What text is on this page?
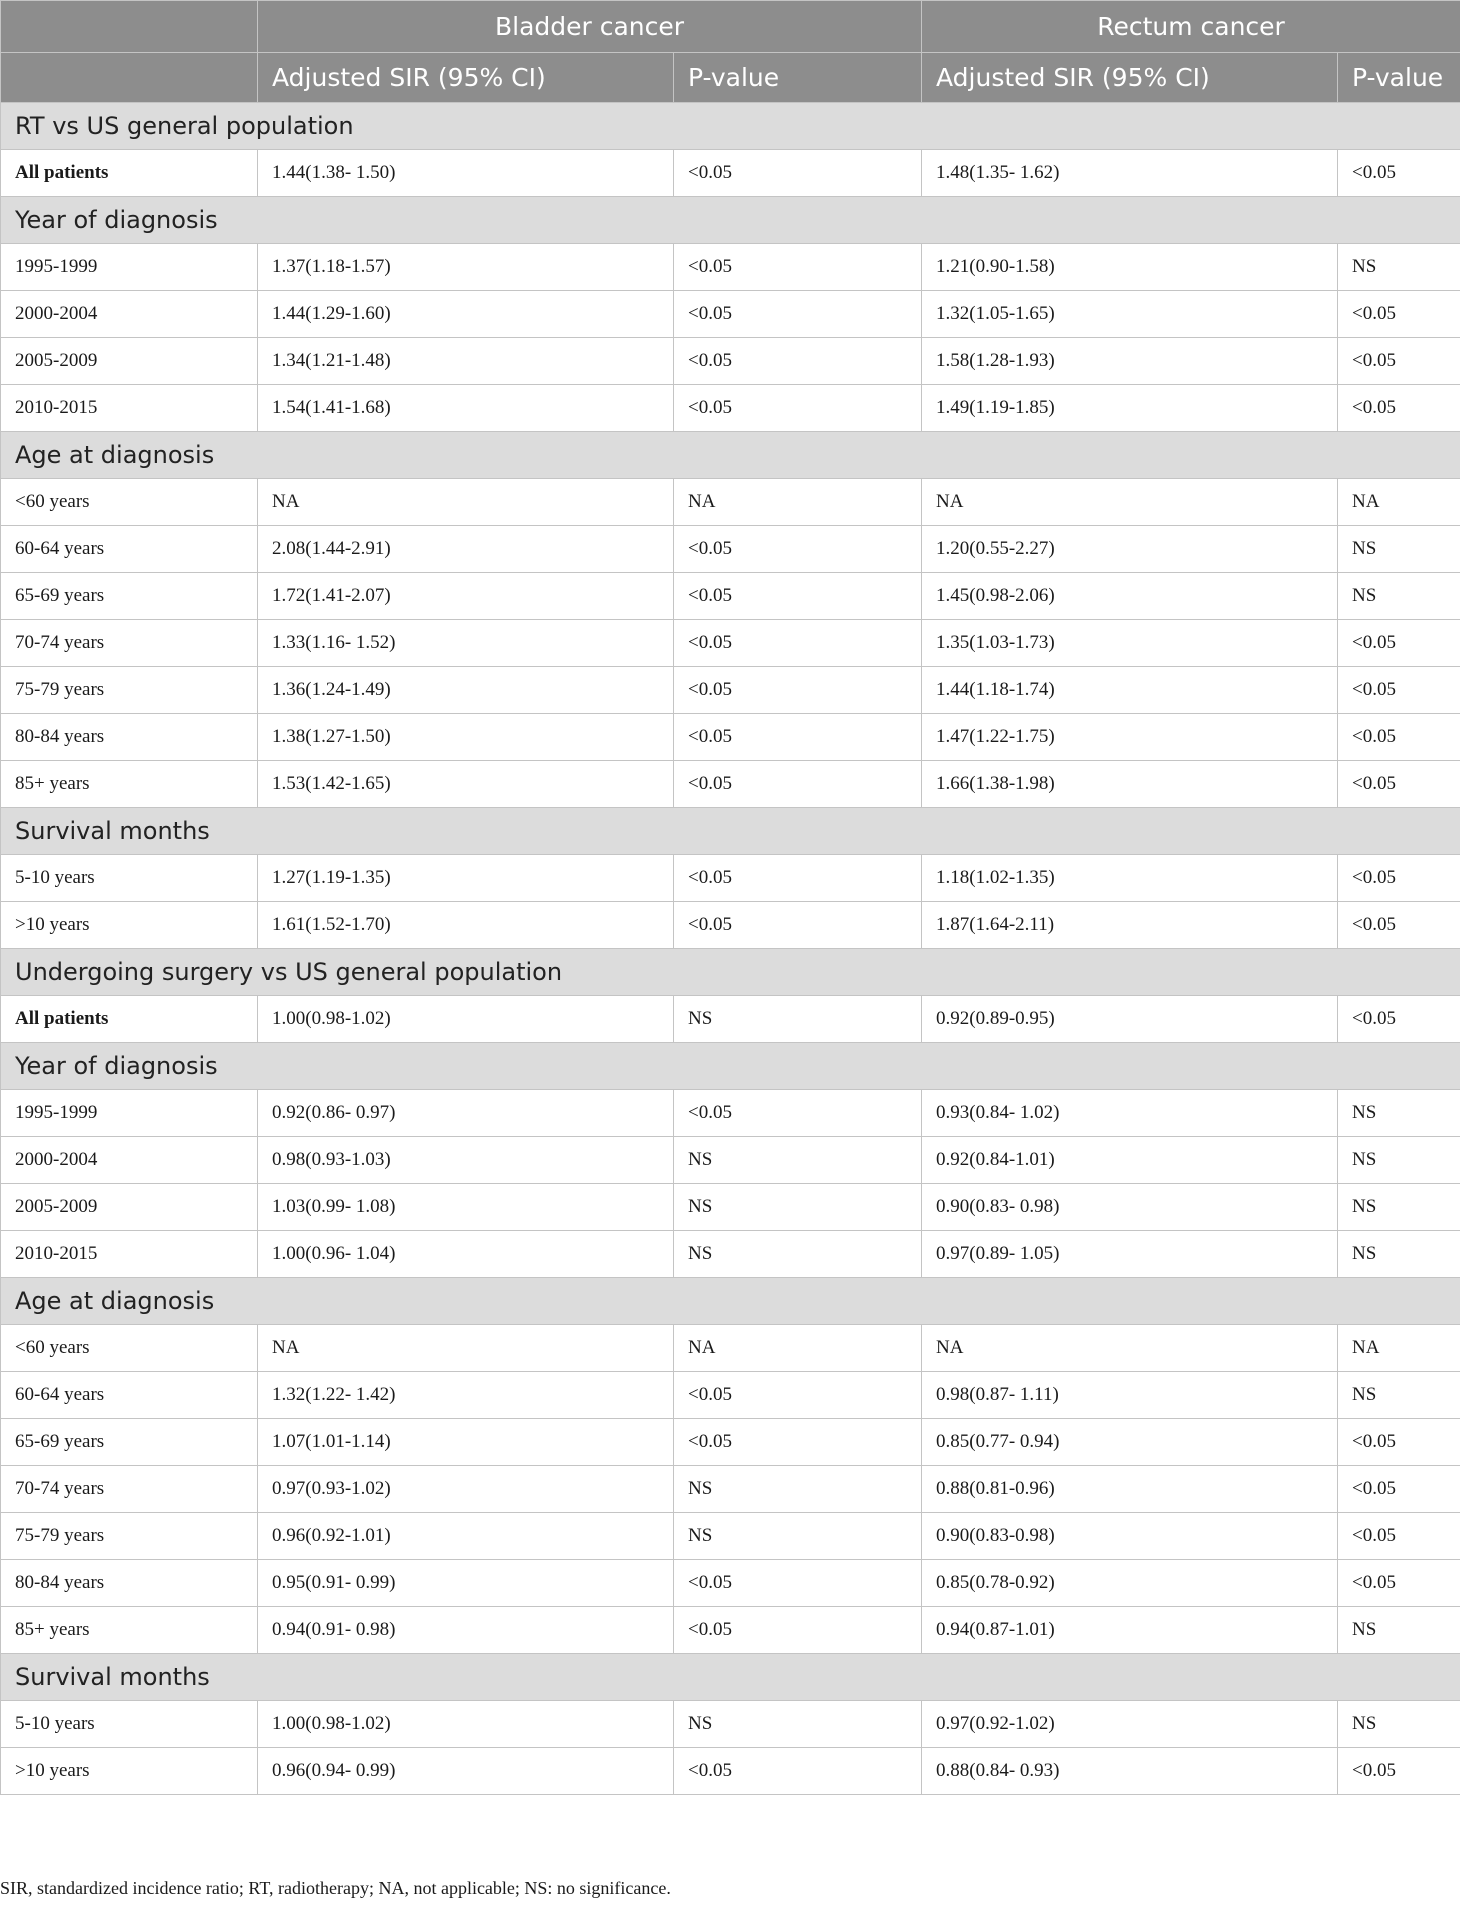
	Bladder cancer		Rectum cancer	
	Adjusted SIR (95% CI)	P-value	Adjusted SIR (95% CI)	P-value
RT vs US general population				
All patients	1.44(1.38- 1.50)	<0.05	1.48(1.35- 1.62)	<0.05
Year of diagnosis				
1995-1999	1.37(1.18-1.57)	<0.05	1.21(0.90-1.58)	NS
2000-2004	1.44(1.29-1.60)	<0.05	1.32(1.05-1.65)	<0.05
2005-2009	1.34(1.21-1.48)	<0.05	1.58(1.28-1.93)	<0.05
2010-2015	1.54(1.41-1.68)	<0.05	1.49(1.19-1.85)	<0.05
Age at diagnosis				
<60 years	NA	NA	NA	NA
60-64 years	2.08(1.44-2.91)	<0.05	1.20(0.55-2.27)	NS
65-69 years	1.72(1.41-2.07)	<0.05	1.45(0.98-2.06)	NS
70-74 years	1.33(1.16- 1.52)	<0.05	1.35(1.03-1.73)	<0.05
75-79 years	1.36(1.24-1.49)	<0.05	1.44(1.18-1.74)	<0.05
80-84 years	1.38(1.27-1.50)	<0.05	1.47(1.22-1.75)	<0.05
85+ years	1.53(1.42-1.65)	<0.05	1.66(1.38-1.98)	<0.05
Survival months				
5-10 years	1.27(1.19-1.35)	<0.05	1.18(1.02-1.35)	<0.05
>10 years	1.61(1.52-1.70)	<0.05	1.87(1.64-2.11)	<0.05
Undergoing surgery vs US general population				
All patients	1.00(0.98-1.02)	NS	0.92(0.89-0.95)	<0.05
Year of diagnosis				
1995-1999	0.92(0.86- 0.97)	<0.05	0.93(0.84- 1.02)	NS
2000-2004	0.98(0.93-1.03)	NS	0.92(0.84-1.01)	NS
2005-2009	1.03(0.99- 1.08)	NS	0.90(0.83- 0.98)	NS
2010-2015	1.00(0.96- 1.04)	NS	0.97(0.89- 1.05)	NS
Age at diagnosis				
<60 years	NA	NA	NA	NA
60-64 years	1.32(1.22- 1.42)	<0.05	0.98(0.87- 1.11)	NS
65-69 years	1.07(1.01-1.14)	<0.05	0.85(0.77- 0.94)	<0.05
70-74 years	0.97(0.93-1.02)	NS	0.88(0.81-0.96)	<0.05
75-79 years	0.96(0.92-1.01)	NS	0.90(0.83-0.98)	<0.05
80-84 years	0.95(0.91- 0.99)	<0.05	0.85(0.78-0.92)	<0.05
85+ years	0.94(0.91- 0.98)	<0.05	0.94(0.87-1.01)	NS
Survival months				
5-10 years	1.00(0.98-1.02)	NS	0.97(0.92-1.02)	NS
>10 years	0.96(0.94- 0.99)	<0.05	0.88(0.84- 0.93)	<0.05
SIR, standardized incidence ratio; RT, radiotherapy; NA, not applicable; NS: no significance.
